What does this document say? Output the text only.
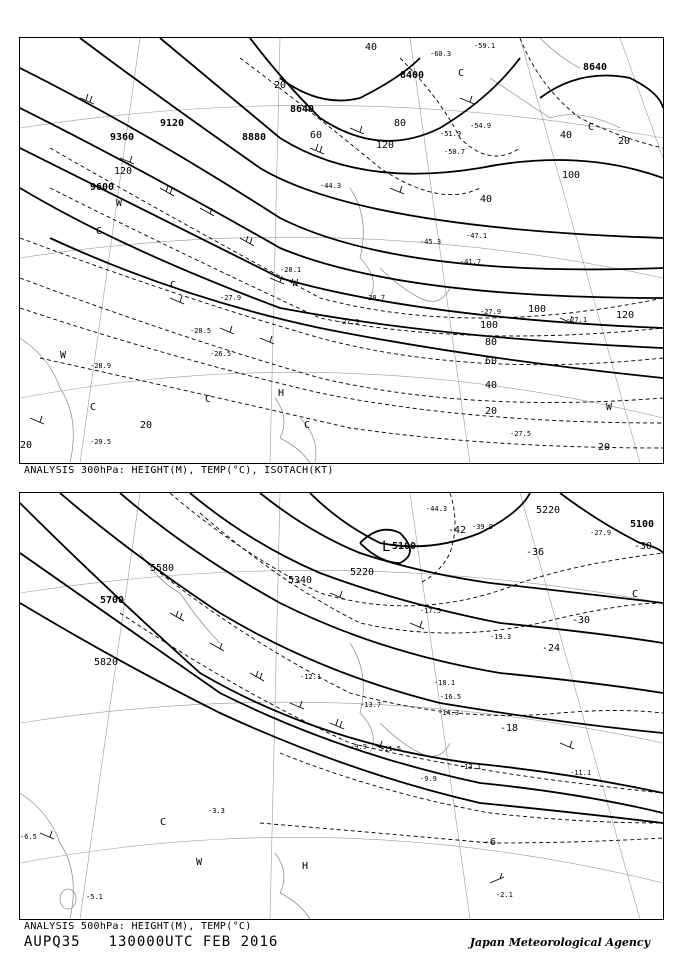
9120
9360
9600
8880
8640
8400
8640
20
40
60
80
100
120
120
100
40
20
20
40
60
80
100
120
20
20
40
20
-27.5
-28.5
-26.5
-27.9
-27.3
-28.7
-28.1
-45.3
-47.1
-41.7
-51.9
-54.9
-60.3
-59.1
-50.7
-44.3
-29.5
-28.9
-27.1
-27.9
W
C
C
W
C
H
C
W
C
W
C
C
ANALYSIS 300hPa: HEIGHT(M), TEMP(°C), ISOTACH(KT)
5700
5580
5820
5340
5220
5100
5220
5100
-42
-36
-30
-30
-24
-18
-6
-44.3
-39.9
-27.9
-17.5
-18.1
-19.3
-16.5
-14.3
-13.7
-12.1
-9.9
-11.5
-13.1
-11.1
-3.3
-2.1
-5.1
-6.5
-9.9
L
C
C
W	H
ANALYSIS 500hPa: HEIGHT(M), TEMP(°C)
AUPQ35 130000UTC FEB 2016	Japan Meteorological Agency
